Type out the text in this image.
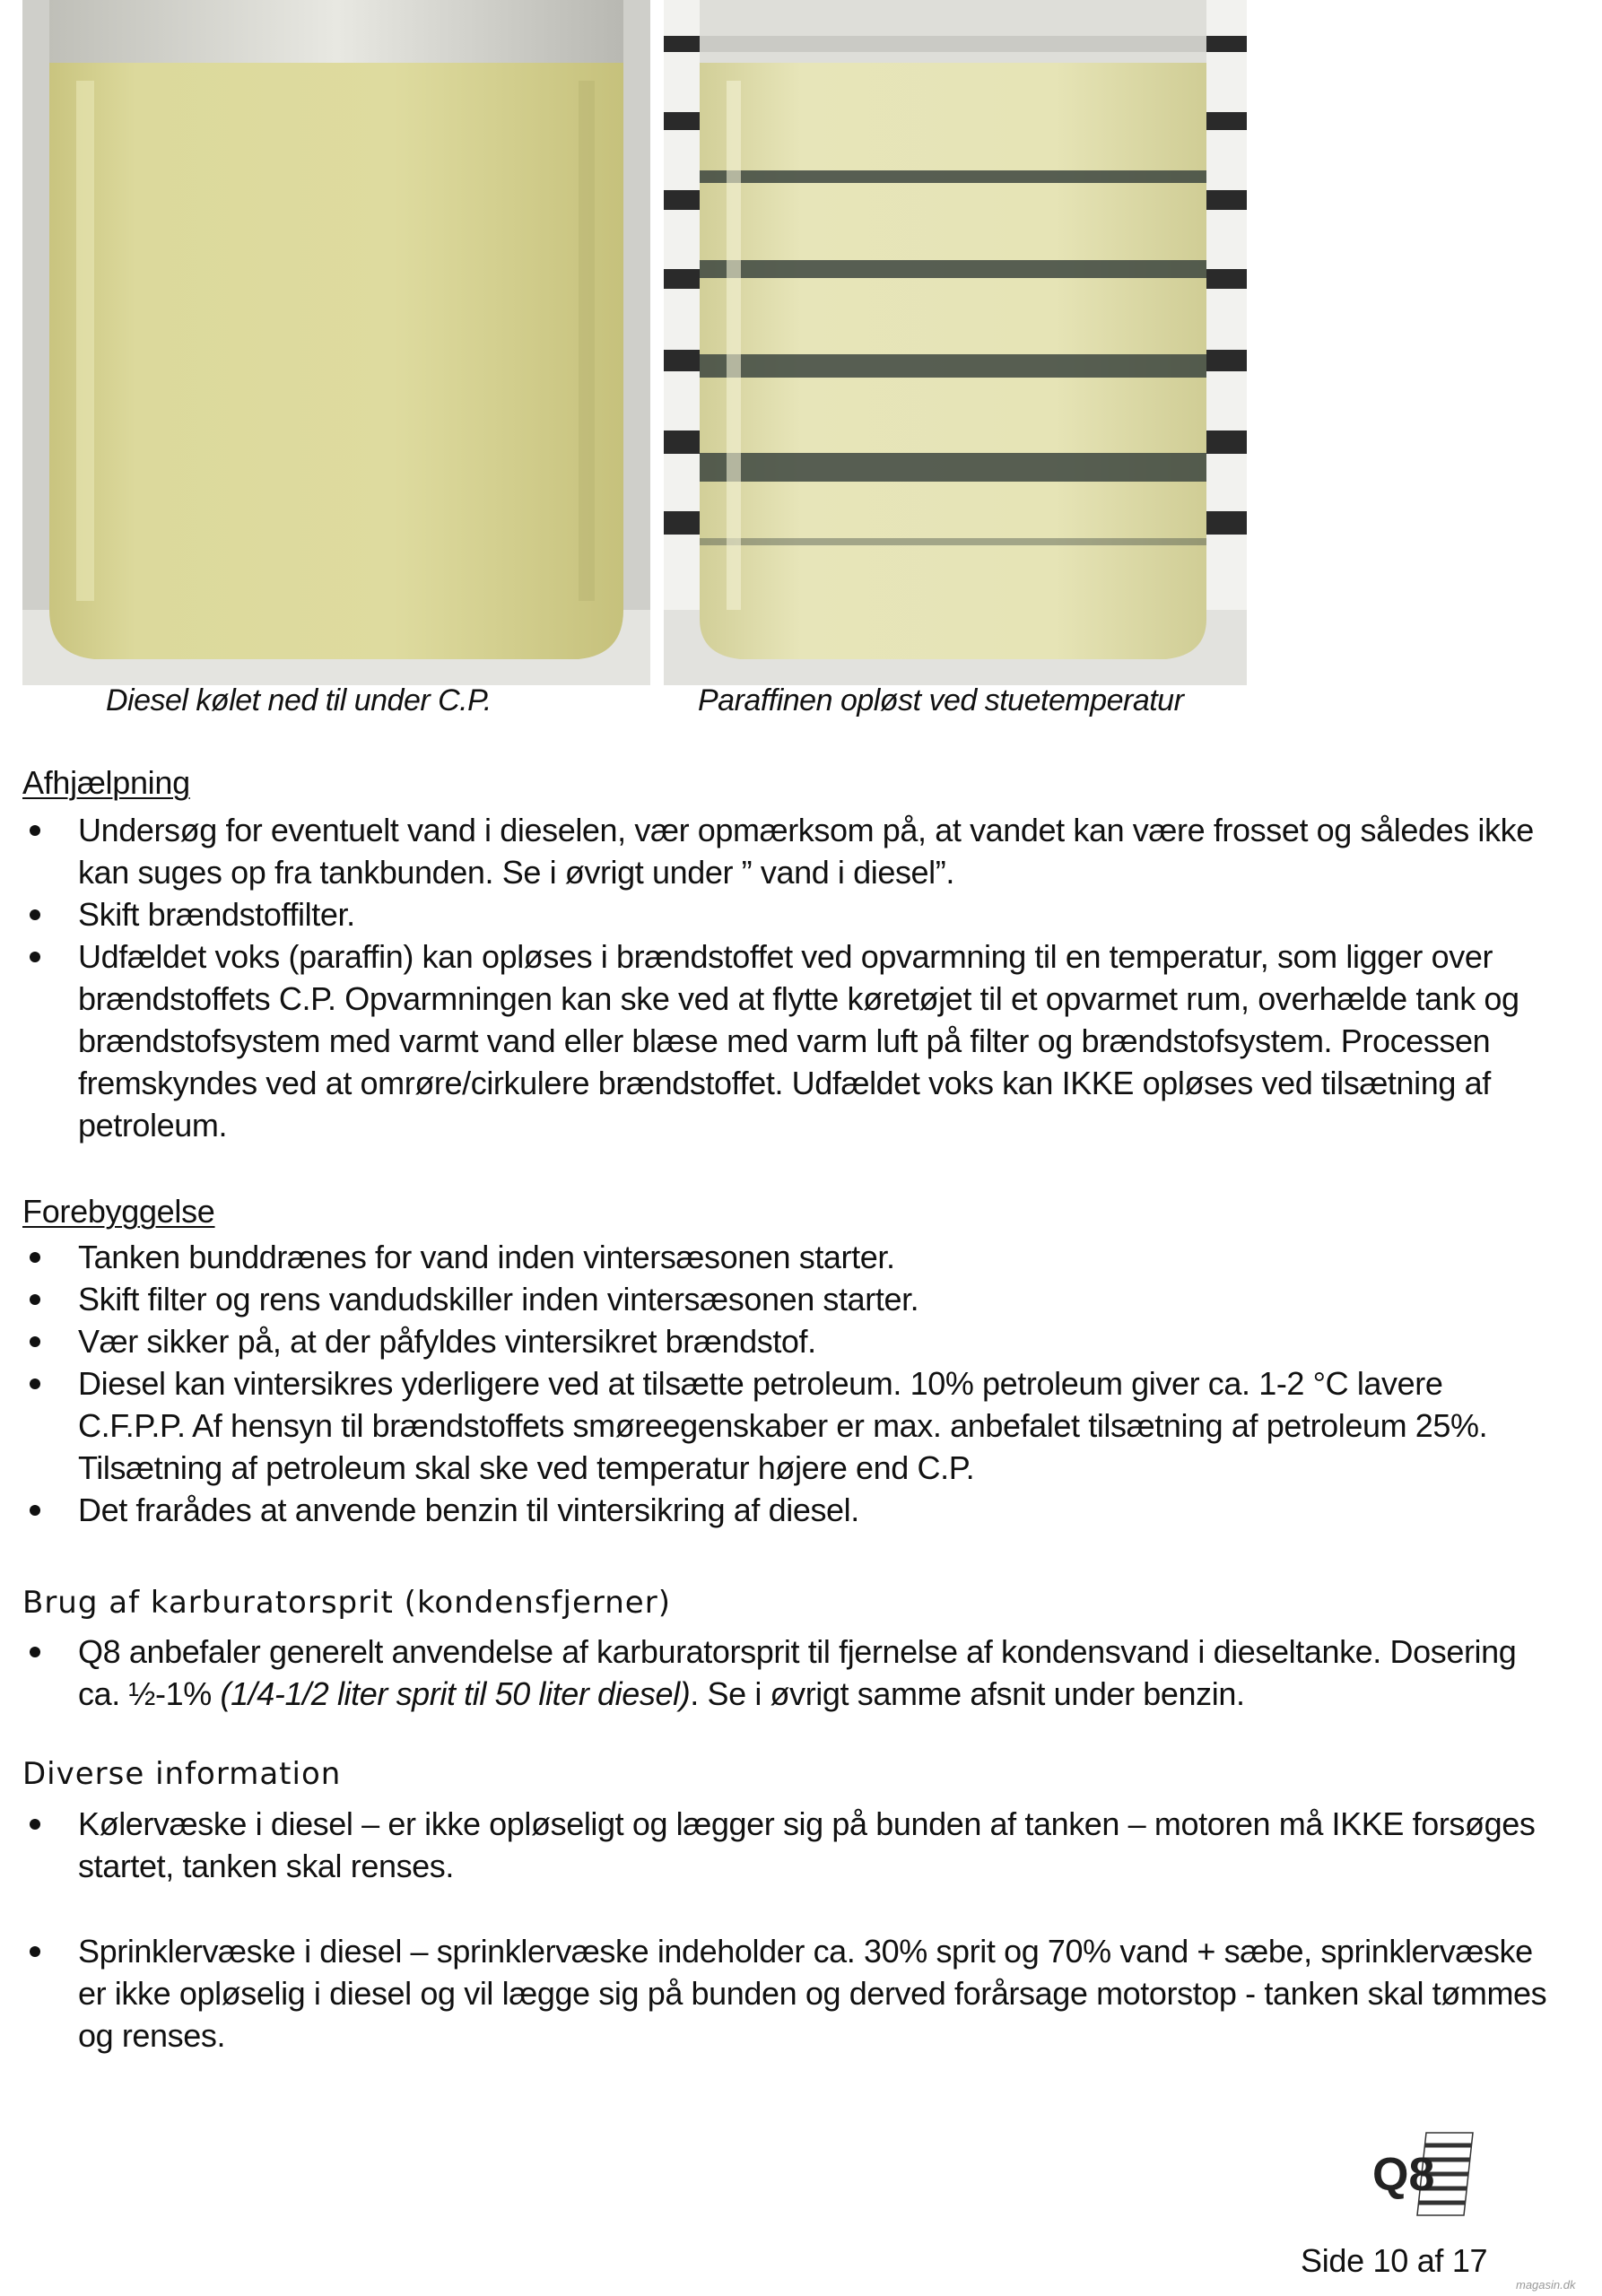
Diesel kølet ned til under C.P.	Paraffinen opløst ved stuetemperatur
Afhjælpning
Undersøg for eventuelt vand i dieselen, vær opmærksom på, at vandet kan være frosset og således ikke kan suges op fra tankbunden. Se i øvrigt under ” vand i diesel”.
Skift brændstoffilter.
Udfældet voks (paraffin) kan opløses i brændstoffet ved opvarmning til en temperatur, som ligger over brændstoffets C.P. Opvarmningen kan ske ved at flytte køretøjet til et opvarmet rum, overhælde tank og brændstofsystem med varmt vand eller blæse med varm luft på filter og brændstofsystem. Processen fremskyndes ved at omrøre/cirkulere brændstoffet. Udfældet voks kan IKKE opløses ved tilsætning af petroleum.
Forebyggelse
Tanken bunddrænes for vand inden vintersæsonen starter.
Skift filter og rens vandudskiller inden vintersæsonen starter.
Vær sikker på, at der påfyldes vintersikret brændstof.
Diesel kan vintersikres yderligere ved at tilsætte petroleum. 10% petroleum giver ca. 1-2 °C lavere C.F.P.P. Af hensyn til brændstoffets smøreegenskaber er max. anbefalet tilsætning af petroleum 25%. Tilsætning af petroleum skal ske ved temperatur højere end C.P.
Det frarådes at anvende benzin til vintersikring af diesel.
Brug af karburatorsprit (kondensfjerner)
Q8 anbefaler generelt anvendelse af karburatorsprit til fjernelse af kondensvand i dieseltanke. Dosering ca. ½-1% (1/4-1/2 liter sprit til 50 liter diesel). Se i øvrigt samme afsnit under benzin.
Diverse information
Kølervæske i diesel – er ikke opløseligt og lægger sig på bunden af tanken – motoren må IKKE forsøges startet, tanken skal renses.
Sprinklervæske i diesel – sprinklervæske indeholder ca. 30% sprit og 70% vand + sæbe, sprinklervæske er ikke opløselig i diesel og vil lægge sig på bunden og derved forårsage motorstop - tanken skal tømmes og renses.
Q8
Side 10 af 17
magasin.dk
